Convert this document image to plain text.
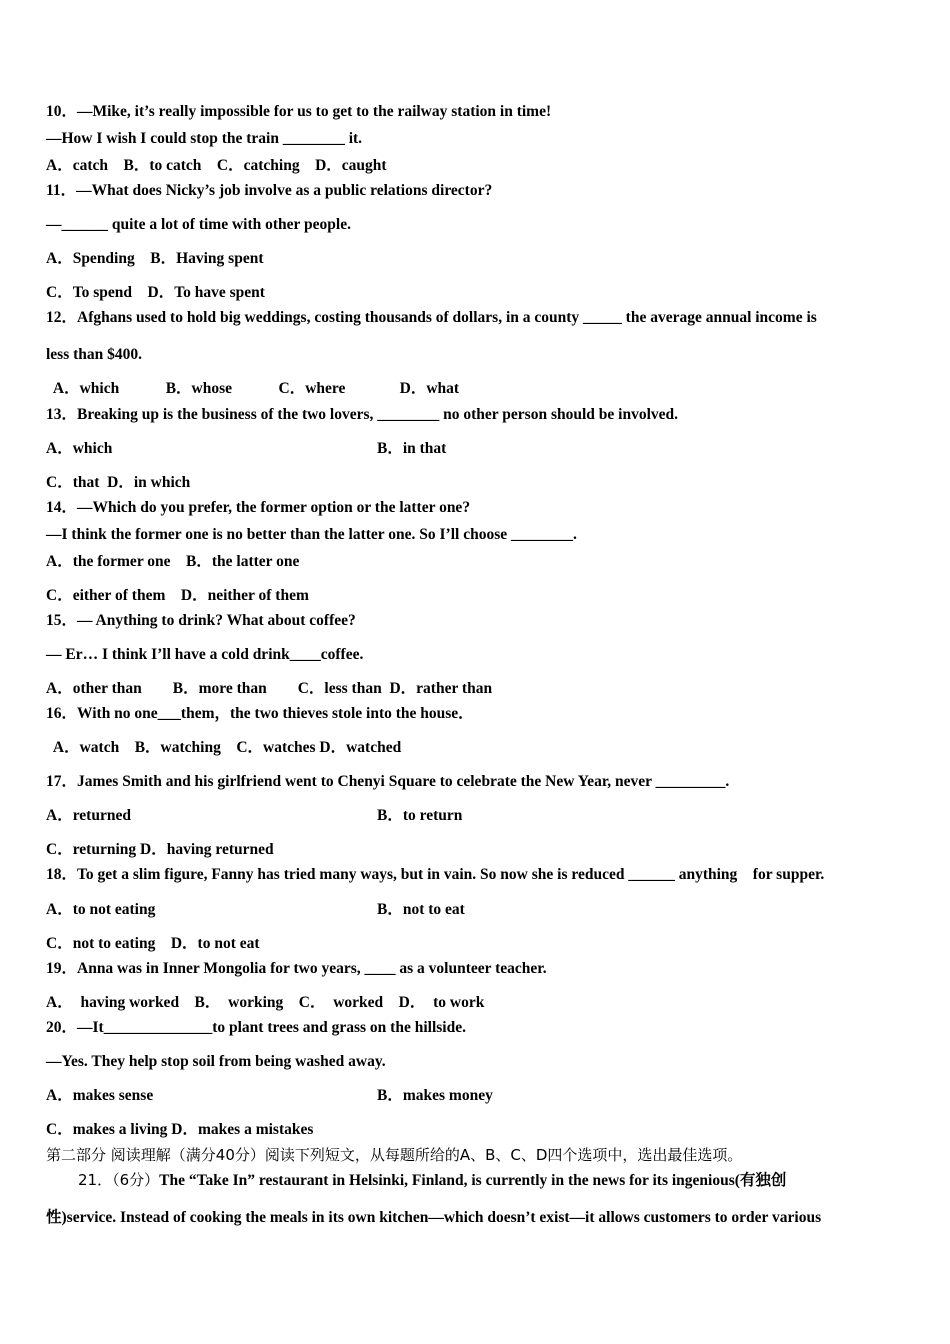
10．—Mike, it’s really impossible for us to get to the railway station in time!
—How I wish I could stop the train ________ it.
A．catch    B．to catch    C．catching    D．caught
11．—What does Nicky’s job involve as a public relations director?
—______ quite a lot of time with other people.
A．Spending    B．Having spent
C．To spend    D．To have spent
12．Afghans used to hold big weddings, costing thousands of dollars, in a county _____ the average annual income is
less than $400.
A．which            B．whose            C．where              D．what
13．Breaking up is the business of the two lovers, ________ no other person should be involved.
A．which	B．in that
C．that  D．in which
14．—Which do you prefer, the former option or the latter one?
—I think the former one is no better than the latter one. So I’ll choose ________.
A．the former one    B．the latter one
C．either of them    D．neither of them
15．— Anything to drink? What about coffee?
— Er… I think I’ll have a cold drink____coffee.
A．other than        B．more than        C．less than  D．rather than
16．With no one___them，the two thieves stole into the house．
A．watch    B．watching    C．watches D．watched
17．James Smith and his girlfriend went to Chenyi Square to celebrate the New Year, never _________.
A．returned	B．to return
C．returning D．having returned
18．To get a slim figure, Fanny has tried many ways, but in vain. So now she is reduced ______ anything    for supper.
A．to not eating	B．not to eat
C．not to eating    D．to not eat
19．Anna was in Inner Mongolia for two years, ____ as a volunteer teacher.
A．  having worked    B．  working    C．  worked    D．  to work
20．—It______________to plant trees and grass on the hillside.
—Yes. They help stop soil from being washed away.
A．makes sense	B．makes money
C．makes a living D．makes a mistakes
第二部分 阅读理解（满分40分）阅读下列短文，从每题所给的A、B、C、D四个选项中，选出最佳选项。
21．（6分）The “Take In” restaurant in Helsinki, Finland, is currently in the news for its ingenious(有独创
性)service. Instead of cooking the meals in its own kitchen—which doesn’t exist—it allows customers to order various
